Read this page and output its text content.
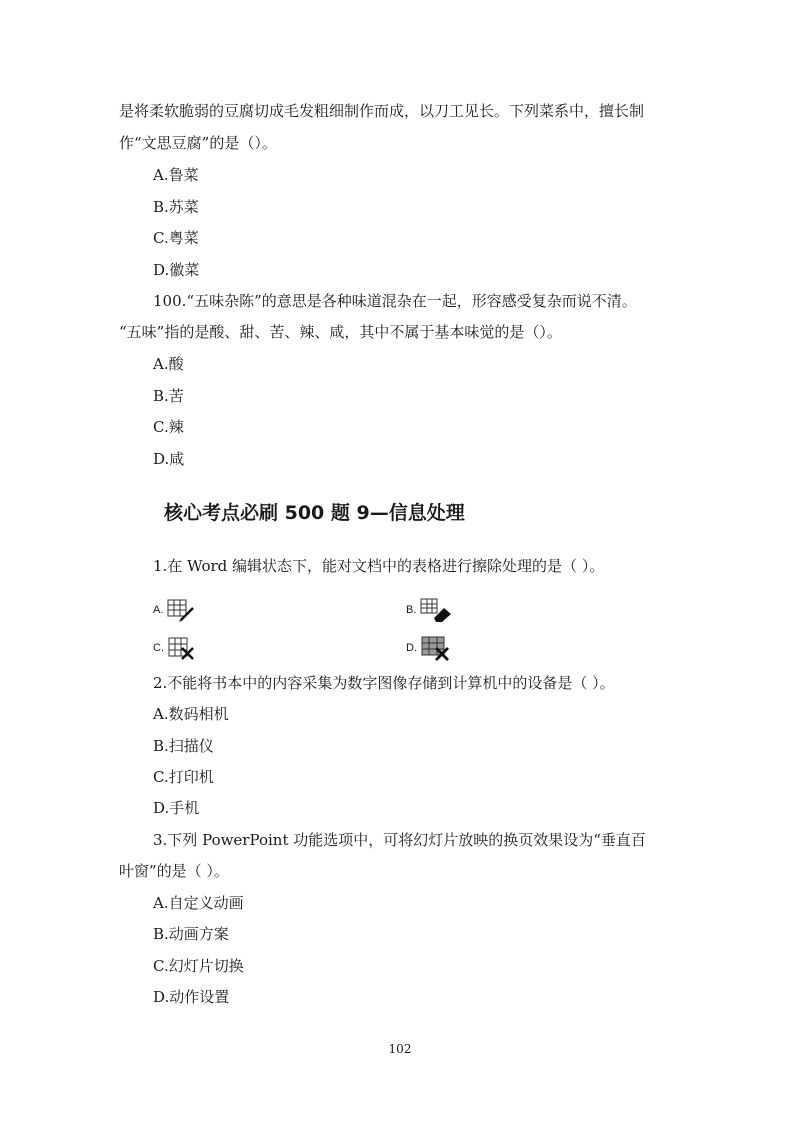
是将柔软脆弱的豆腐切成毛发粗细制作而成，以刀工见长。下列菜系中，擅长制
作“文思豆腐”的是（）。
A.鲁菜
B.苏菜
C.粤菜
D.徽菜
100.“五味杂陈”的意思是各种味道混杂在一起，形容感受复杂而说不清。
“五味”指的是酸、甜、苦、辣、咸，其中不属于基本味觉的是（）。
A.酸
B.苦
C.辣
D.咸
核心考点必刷 500 题 9—信息处理
1.在 Word 编辑状态下，能对文档中的表格进行擦除处理的是（ ）。
A.	B.
C.	D.
2.不能将书本中的内容采集为数字图像存储到计算机中的设备是（ ）。
A.数码相机
B.扫描仪
C.打印机
D.手机
3.下列 PowerPoint 功能选项中，可将幻灯片放映的换页效果设为“垂直百
叶窗”的是（ ）。
A.自定义动画
B.动画方案
C.幻灯片切换
D.动作设置
102
